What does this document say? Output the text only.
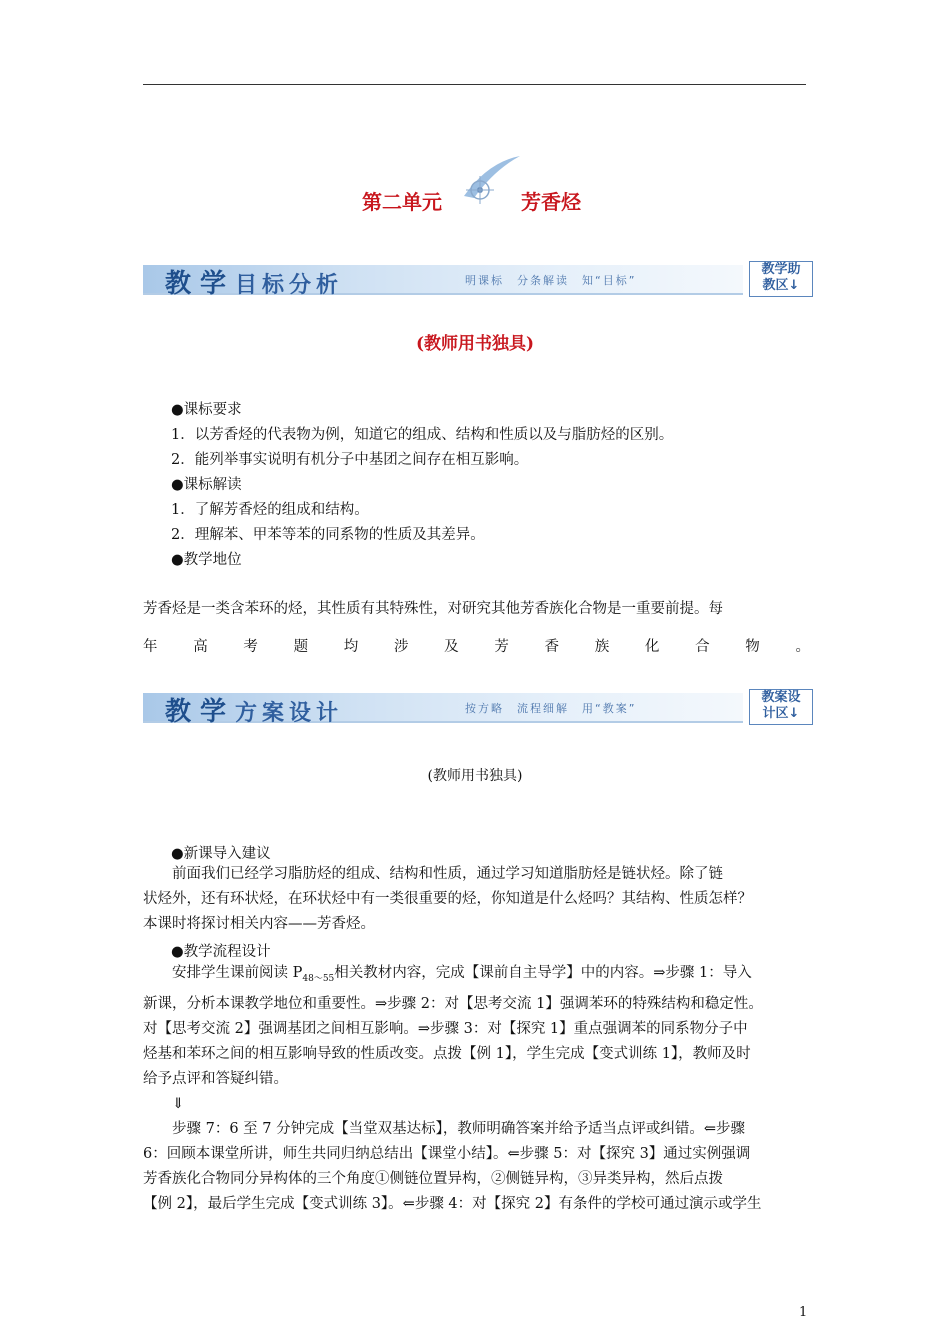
第二单元	芳香烃
教学目标分析	明课标　分条解读　知“目标”
教学助
教区↓
(教师用书独具)
●课标要求
1．以芳香烃的代表物为例，知道它的组成、结构和性质以及与脂肪烃的区别。
2．能列举事实说明有机分子中基团之间存在相互影响。
●课标解读
1．了解芳香烃的组成和结构。
2．理解苯、甲苯等苯的同系物的性质及其差异。
●教学地位
芳香烃是一类含苯环的烃，其性质有其特殊性，对研究其他芳香族化合物是一重要前提。每
年 高 考 题 均 涉 及 芳 香 族 化 合 物 。
教学方案设计	按方略　流程细解　用“教案”
教案设
计区↓
(教师用书独具)
●新课导入建议

前面我们已经学习脂肪烃的组成、结构和性质，通过学习知道脂肪烃是链状烃。除了链

状烃外，还有环状烃，在环状烃中有一类很重要的烃，你知道是什么烃吗？其结构、性质怎样？

本课时将探讨相关内容——芳香烃。

●教学流程设计

安排学生课前阅读 $P_{48\sim 55}$相关教材内容，完成【课前自主导学】中的内容。⇒步骤 1：导入

新课，分析本课教学地位和重要性。⇒步骤 2：对【思考交流 1】强调苯环的特殊结构和稳定性。

对【思考交流 2】强调基团之间相互影响。⇒步骤 3：对【探究 1】重点强调苯的同系物分子中

烃基和苯环之间的相互影响导致的性质改变。点拨【例 1】，学生完成【变式训练 1】，教师及时

给予点评和答疑纠错。

⇓

步骤 7：6 至 7 分钟完成【当堂双基达标】，教师明确答案并给予适当点评或纠错。⇐步骤

6：回顾本课堂所讲，师生共同归纳总结出【课堂小结】。⇐步骤 5：对【探究 3】通过实例强调

芳香族化合物同分异构体的三个角度①侧链位置异构，②侧链异构，③异类异构，然后点拨

【例 2】，最后学生完成【变式训练 3】。⇐步骤 4：对【探究 2】有条件的学校可通过演示或学生

1
